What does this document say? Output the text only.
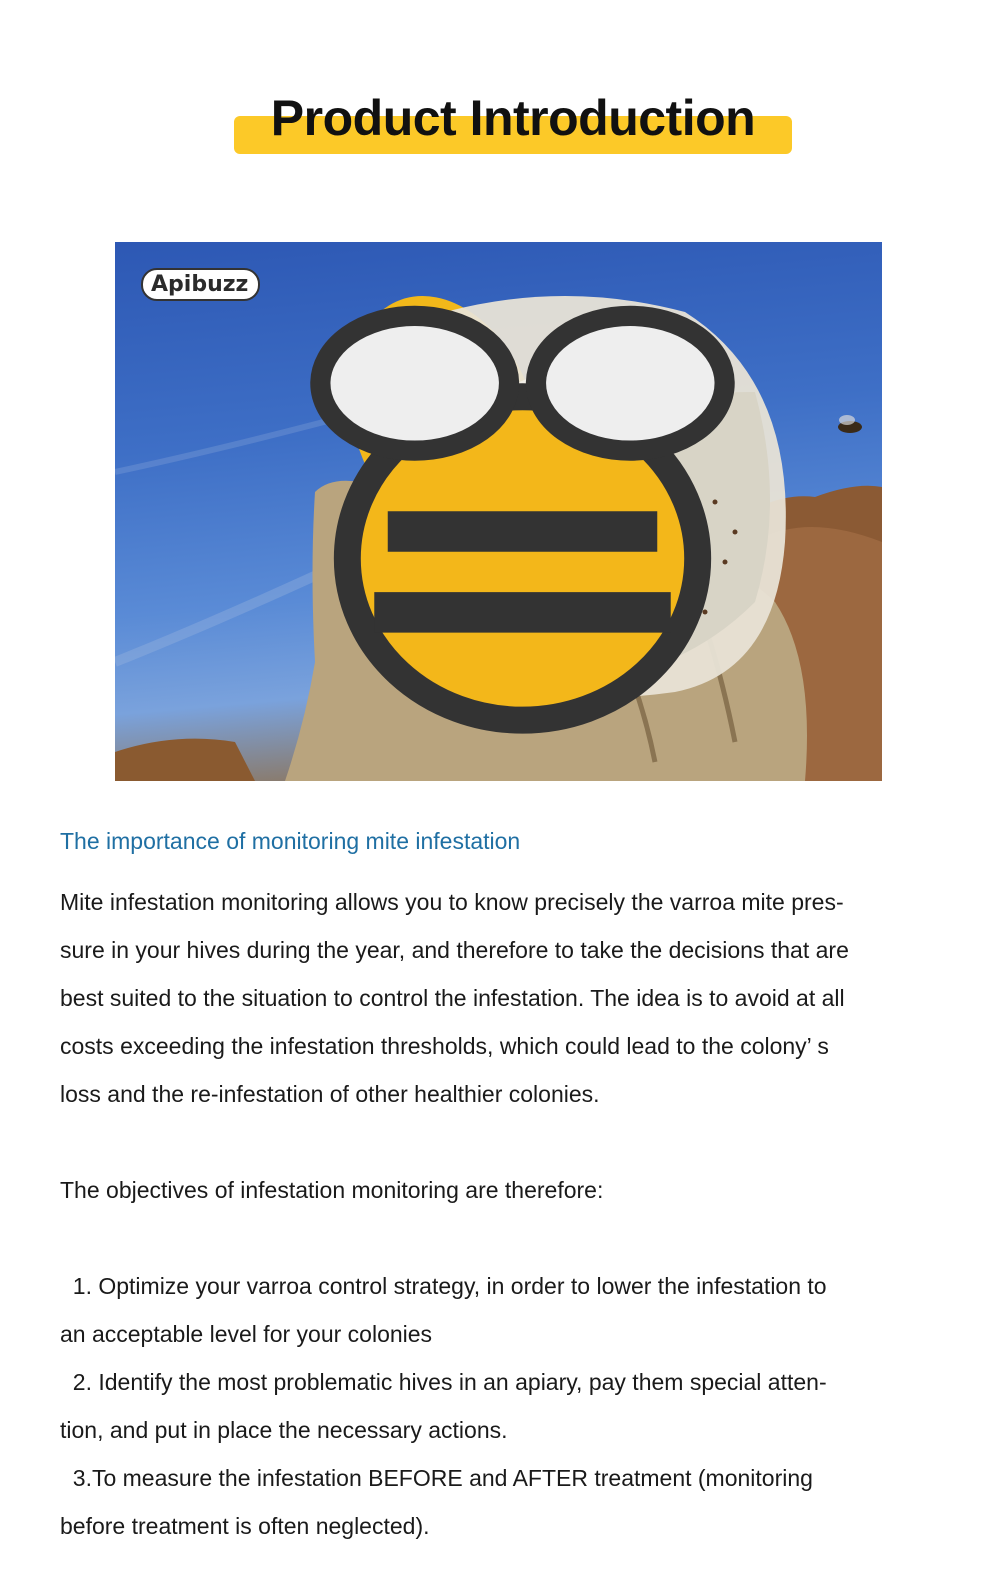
Product Introduction
Apibuzz
The importance of monitoring mite infestation
Mite infestation monitoring allows you to know precisely the varroa mite pres-
sure in your hives during the year, and therefore to take the decisions that are
best suited to the situation to control the infestation. The idea is to avoid at all
costs exceeding the infestation thresholds, which could lead to the colony’ s
loss and the re-infestation of other healthier colonies.
The objectives of infestation monitoring are therefore:
1. Optimize your varroa control strategy, in order to lower the infestation to
an acceptable level for your colonies
2. Identify the most problematic hives in an apiary, pay them special atten-
tion, and put in place the necessary actions.
3.To measure the infestation BEFORE and AFTER treatment (monitoring
before treatment is often neglected).
